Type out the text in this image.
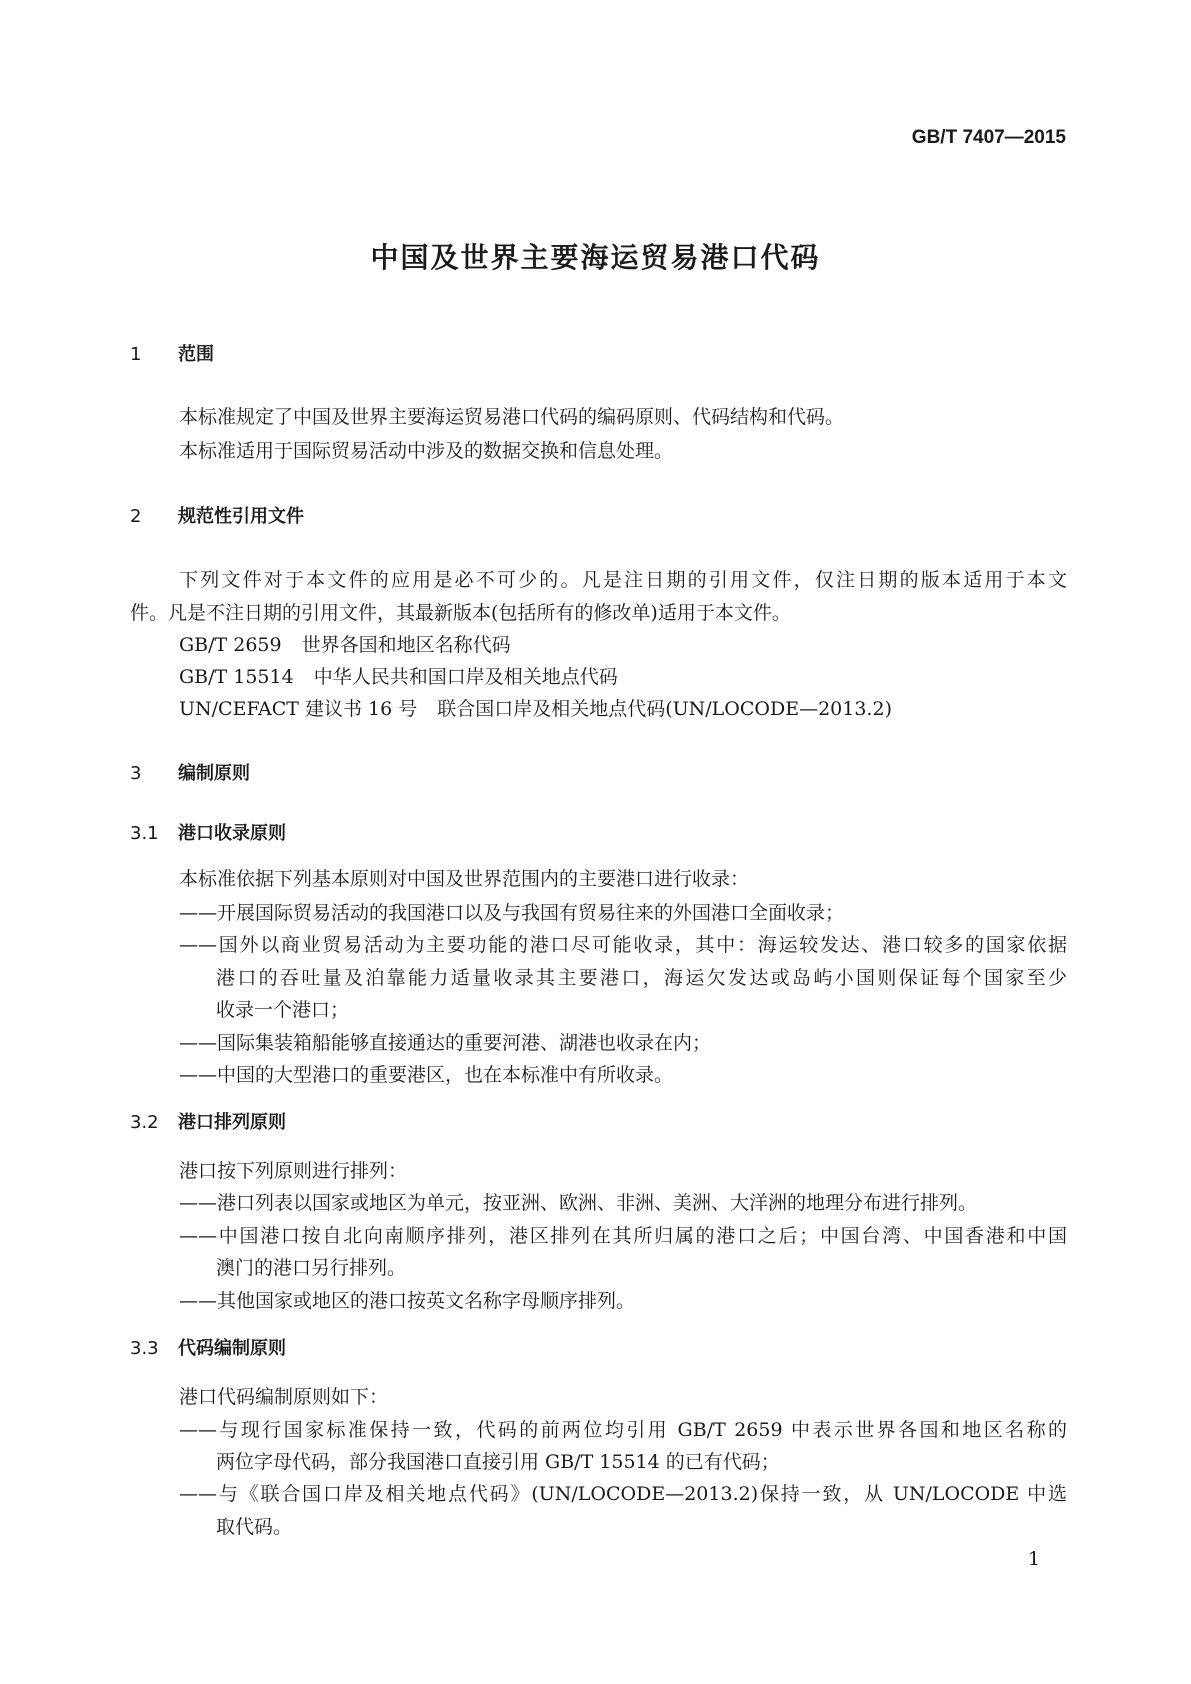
GB/T 7407—2015
中国及世界主要海运贸易港口代码
1 范围
本标准规定了中国及世界主要海运贸易港口代码的编码原则、代码结构和代码。
本标准适用于国际贸易活动中涉及的数据交换和信息处理。
2 规范性引用文件
下列文件对于本文件的应用是必不可少的。凡是注日期的引用文件，仅注日期的版本适用于本文
件。凡是不注日期的引用文件，其最新版本(包括所有的修改单)适用于本文件。
GB/T 2659 世界各国和地区名称代码
GB/T 15514 中华人民共和国口岸及相关地点代码
UN/CEFACT 建议书 16 号 联合国口岸及相关地点代码(UN/LOCODE—2013.2)
3 编制原则
3.1 港口收录原则
本标准依据下列基本原则对中国及世界范围内的主要港口进行收录：
——开展国际贸易活动的我国港口以及与我国有贸易往来的外国港口全面收录；
——国外以商业贸易活动为主要功能的港口尽可能收录，其中：海运较发达、港口较多的国家依据
港口的吞吐量及泊靠能力适量收录其主要港口，海运欠发达或岛屿小国则保证每个国家至少
收录一个港口；
——国际集装箱船能够直接通达的重要河港、湖港也收录在内；
——中国的大型港口的重要港区，也在本标准中有所收录。
3.2 港口排列原则
港口按下列原则进行排列：
——港口列表以国家或地区为单元，按亚洲、欧洲、非洲、美洲、大洋洲的地理分布进行排列。
——中国港口按自北向南顺序排列，港区排列在其所归属的港口之后；中国台湾、中国香港和中国
澳门的港口另行排列。
——其他国家或地区的港口按英文名称字母顺序排列。
3.3 代码编制原则
港口代码编制原则如下：
——与现行国家标准保持一致，代码的前两位均引用 GB/T 2659 中表示世界各国和地区名称的
两位字母代码，部分我国港口直接引用 GB/T 15514 的已有代码；
——与《联合国口岸及相关地点代码》(UN/LOCODE—2013.2)保持一致，从 UN/LOCODE 中选
取代码。
1
